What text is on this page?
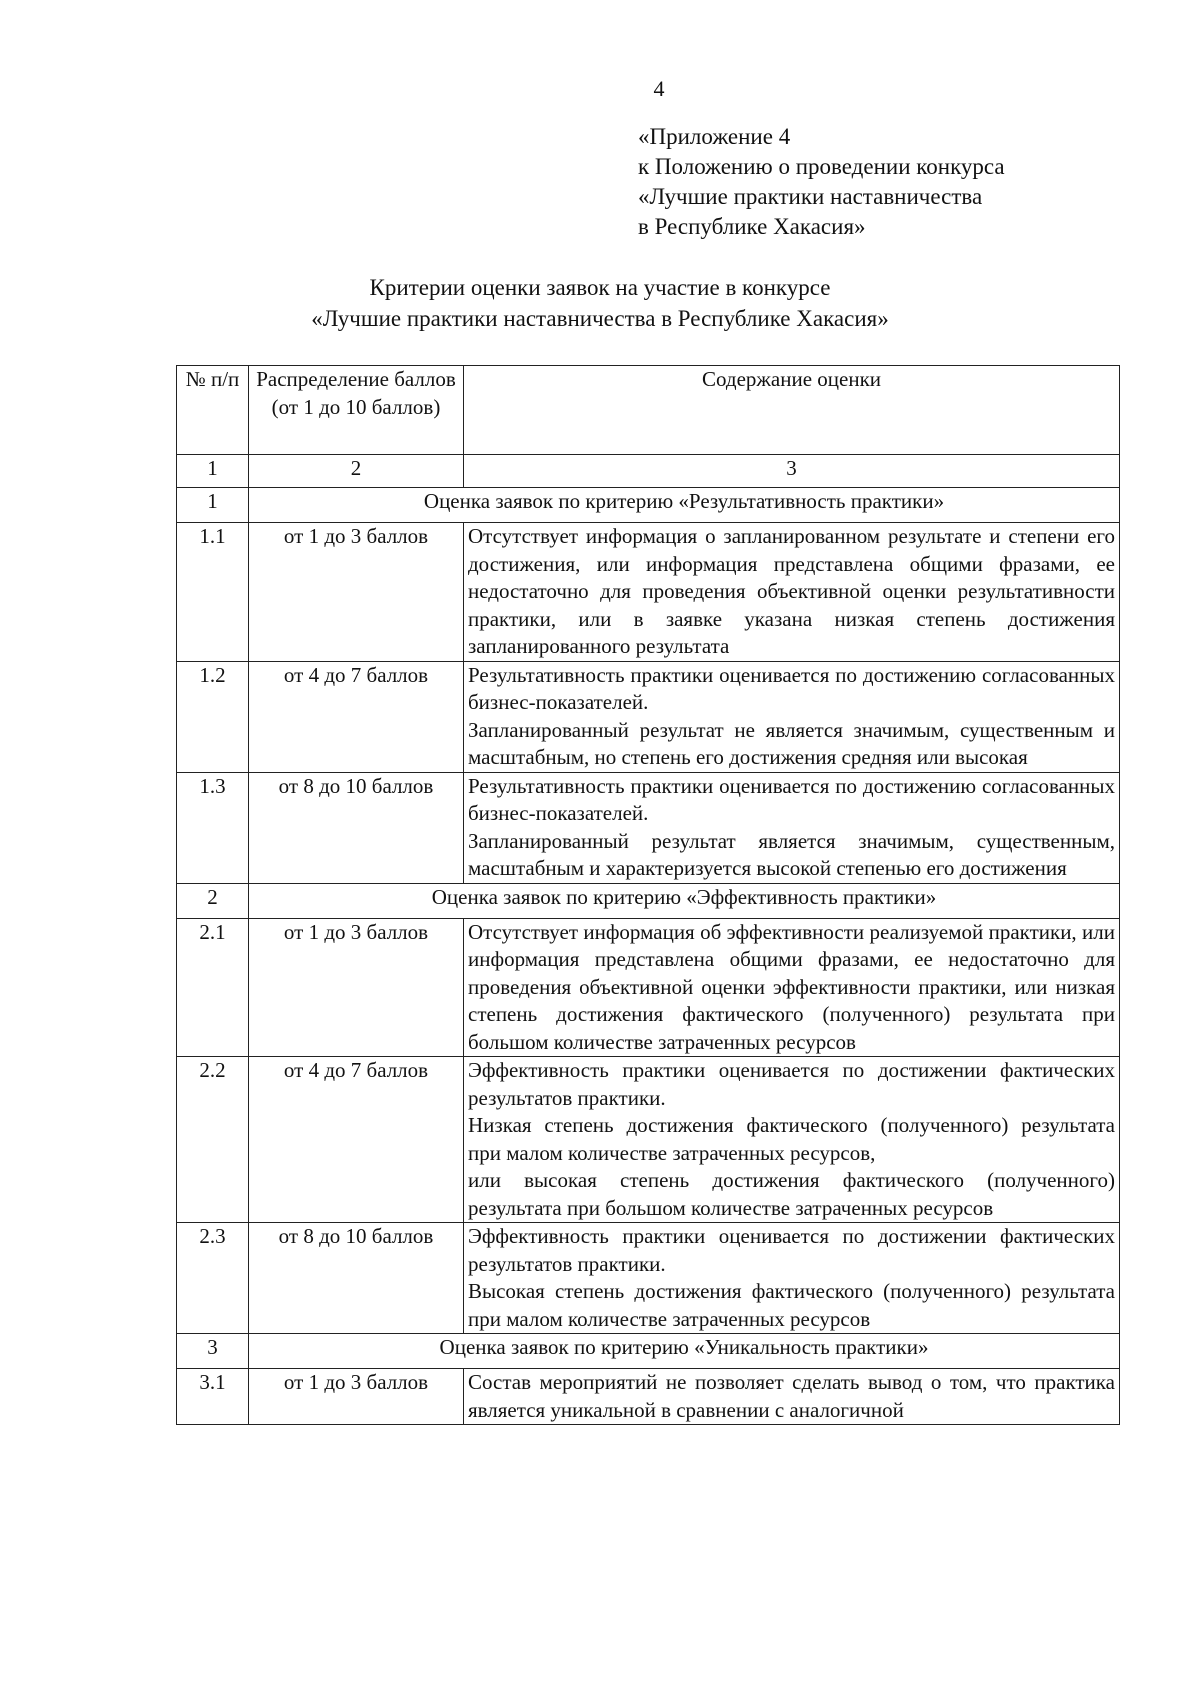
4
«Приложение 4
к Положению о проведении конкурса
«Лучшие практики наставничества
в Республике Хакасия»
Критерии оценки заявок на участие в конкурсе
«Лучшие практики наставничества в Республике Хакасия»
№ п/п	Распределение баллов (от 1 до 10 баллов)	Содержание оценки
1	2	3
1	Оценка заявок по критерию «Результативность практики»	
1.1	от 1 до 3 баллов	Отсутствует информация о запланированном результате и степени его достижения, или информация представлена общими фразами, ее недостаточно для проведения объективной оценки результативности практики, или в заявке указана низкая степень достижения запланированного результата

1.2	от 4 до 7 баллов	Результативность практики оценивается по достижению согласованных бизнес-показателей.

Запланированный результат не является значимым, существенным и масштабным, но степень его достижения средняя или высокая

1.3	от 8 до 10 баллов	Результативность практики оценивается по достижению согласованных бизнес-показателей.

Запланированный результат является значимым, существенным, масштабным и характеризуется высокой степенью его достижения

2	Оценка заявок по критерию «Эффективность практики»	
2.1	от 1 до 3 баллов	Отсутствует информация об эффективности реализуемой практики, или информация представлена общими фразами, ее недостаточно для проведения объективной оценки эффективности практики, или низкая степень достижения фактического (полученного) результата при большом количестве затраченных ресурсов

2.2	от 4 до 7 баллов	Эффективность практики оценивается по достижении фактических результатов практики.

Низкая степень достижения фактического (полученного) результата при малом количестве затраченных ресурсов,

или высокая степень достижения фактического (полученного) результата при большом количестве затраченных ресурсов

2.3	от 8 до 10 баллов	Эффективность практики оценивается по достижении фактических результатов практики.

Высокая степень достижения фактического (полученного) результата при малом количестве затраченных ресурсов

3	Оценка заявок по критерию «Уникальность практики»	
3.1	от 1 до 3 баллов	Состав мероприятий не позволяет сделать вывод о том, что практика является уникальной в сравнении с аналогичной
